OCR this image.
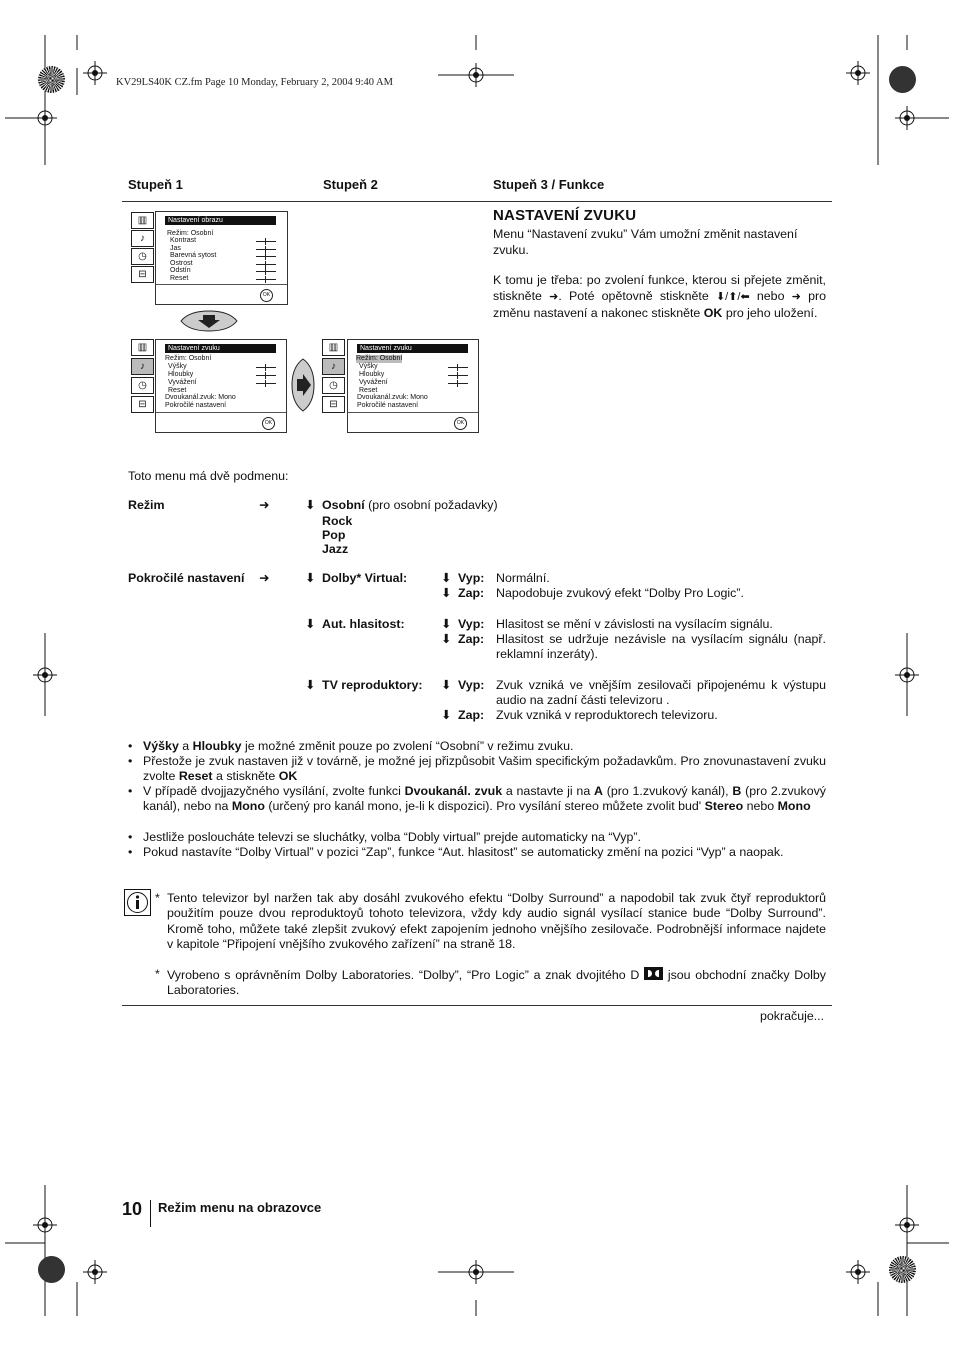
KV29LS40K CZ.fm Page 10 Monday, February 2, 2004 9:40 AM
Stupeň 1	Stupeň 2	Stupeň 3 / Funkce
NASTAVENÍ ZVUKU
Menu “Nastavení zvuku” Vám umožní změnit nastavení zvuku.
K tomu je třeba: po zvolení funkce, kterou si přejete změnit, stiskněte ➜. Poté opětovně stiskněte ⬇/⬆/⬅ nebo ➜ pro změnu nastavení a nakonec stiskněte OK pro jeho uložení.
▥
♪
◷
⊟
Nastavení obrazu
Režim: Osobní
Kontrast
Jas
Barevná sytost
Ostrost
Odstín
Reset
OK
▥
♪
◷
⊟
Nastavení zvuku
Režim: Osobní
Výšky
Hloubky
Vyvážení
Reset
Dvoukanál.zvuk: Mono
Pokročilé nastavení
OK
▥
♪
◷
⊟
Nastavení zvuku
Režim: Osobní
Výšky
Hloubky
Vyvážení
Reset
Dvoukanál.zvuk: Mono
Pokročilé nastavení
OK
Toto menu má dvě podmenu:
Režim	➜	⬇ Osobní (pro osobní požadavky)
Rock
Pop
Jazz
Pokročilé nastavení ➜	⬇ Dolby* Virtual:	⬇ Vyp: Normální.
⬇ Zap: Napodobuje zvukový efekt “Dolby Pro Logic”.
⬇ Aut. hlasitost:	⬇ Vyp: Hlasitost se mění v závislosti na vysílacím signálu.
⬇ Zap: Hlasitost se udržuje nezávisle na vysílacím signálu (např. reklamní inzeráty).
⬇ TV reproduktory: ⬇ Vyp: Zvuk vzniká ve vnějším zesilovači připojenému k výstupu audio na zadní části televizoru .
⬇ Zap: Zvuk vzniká v reproduktorech televizoru.
• Výšky a Hloubky je možné změnit pouze po zvolení “Osobní” v režimu zvuku.
• Přestože je zvuk nastaven již v továrně, je možné jej přizpůsobit Vašim specifickým požadavkům. Pro znovunastavení zvuku zvolte Reset a stiskněte OK
• V případě dvojjazyčného vysílání, zvolte funkci Dvoukanál. zvuk a nastavte ji na A (pro 1.zvukový kanál), B (pro 2.zvukový kanál), nebo na Mono (určený pro kanál mono, je-li k dispozici). Pro vysílání stereo můžete zvolit bud' Stereo nebo Mono
• Jestliže posloucháte televzi se sluchátky, volba “Dobly virtual” prejde automaticky na “Vyp”.
• Pokud nastavíte “Dolby Virtual” v pozici “Zap”, funkce “Aut. hlasitost” se automaticky změní na pozici “Vyp” a naopak.
* Tento televizor byl naržen tak aby dosáhl zvukového efektu “Dolby Surround” a napodobil tak zvuk čtyř reproduktorů použitím pouze dvou reproduktoyů tohoto televizora, vždy kdy audio signál vysílací stanice bude “Dolby Surround”. Kromě toho, můžete také zlepšit zvukový efekt zapojením jednoho vnějšího zesilovače. Podrobnější informace najdete v kapitole “Připojení vnějšího zvukového zařízení” na straně 18.
* Vyrobeno s oprávněním Dolby Laboratories. “Dolby”, “Pro Logic” a znak dvojitého D
jsou obchodní značky Dolby Laboratories.
pokračuje...
10 Režim menu na obrazovce
